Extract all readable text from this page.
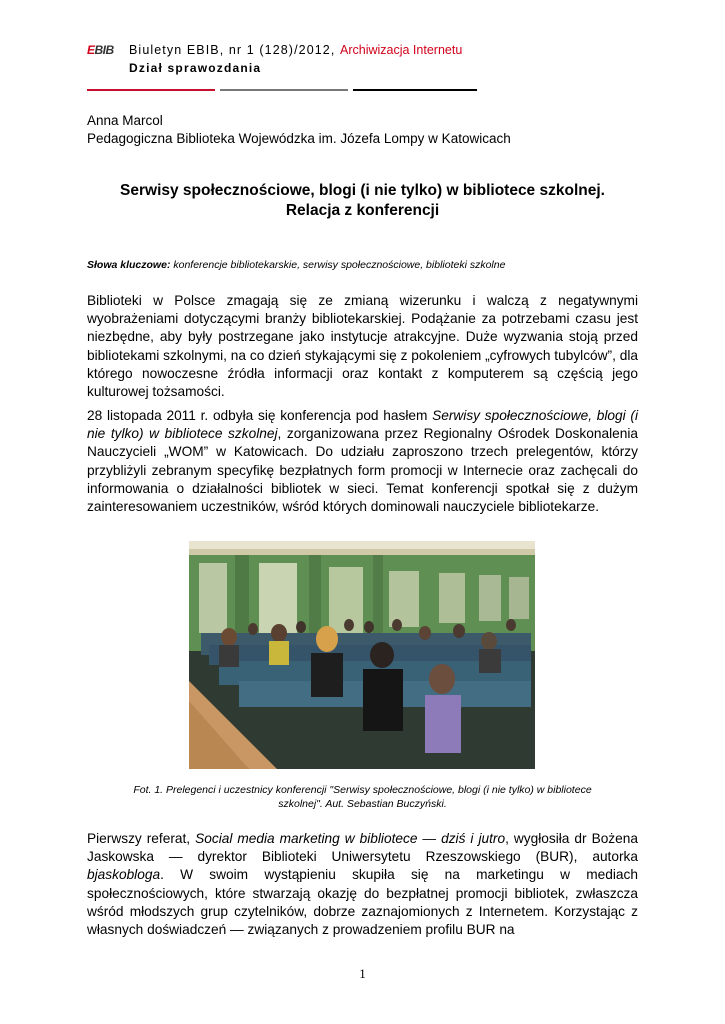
EBIB Biuletyn EBIB, nr 1 (128)/2012, Archiwizacja Internetu
Dział sprawozdania
Anna Marcol
Pedagogiczna Biblioteka Wojewódzka im. Józefa Lompy w Katowicach
Serwisy społecznościowe, blogi (i nie tylko) w bibliotece szkolnej.
Relacja z konferencji
Słowa kluczowe: konferencje bibliotekarskie, serwisy społecznościowe, biblioteki szkolne
Biblioteki w Polsce zmagają się ze zmianą wizerunku i walczą z negatywnymi wyobrażeniami dotyczącymi branży bibliotekarskiej. Podążanie za potrzebami czasu jest niezbędne, aby były postrzegane jako instytucje atrakcyjne. Duże wyzwania stoją przed bibliotekami szkolnymi, na co dzień stykającymi się z pokoleniem „cyfrowych tubylców”, dla którego nowoczesne źródła informacji oraz kontakt z komputerem są częścią jego kulturowej tożsamości.
28 listopada 2011 r. odbyła się konferencja pod hasłem Serwisy społecznościowe, blogi (i nie tylko) w bibliotece szkolnej, zorganizowana przez Regionalny Ośrodek Doskonalenia Nauczycieli „WOM” w Katowicach. Do udziału zaproszono trzech prelegentów, którzy przybliżyli zebranym specyfikę bezpłatnych form promocji w Internecie oraz zachęcali do informowania o działalności bibliotek w sieci. Temat konferencji spotkał się z dużym zainteresowaniem uczestników, wśród których dominowali nauczyciele bibliotekarze.
Fot. 1. Prelegenci i uczestnicy konferencji "Serwisy społecznościowe, blogi (i nie tylko) w bibliotece
szkolnej". Aut. Sebastian Buczyński.
Pierwszy referat, Social media marketing w bibliotece — dziś i jutro, wygłosiła dr Bożena Jaskowska — dyrektor Biblioteki Uniwersytetu Rzeszowskiego (BUR), autorka bjaskobloga. W swoim wystąpieniu skupiła się na marketingu w mediach społecznościowych, które stwarzają okazję do bezpłatnej promocji bibliotek, zwłaszcza wśród młodszych grup czytelników, dobrze zaznajomionych z Internetem. Korzystając z własnych doświadczeń — związanych z prowadzeniem profilu BUR na
1
